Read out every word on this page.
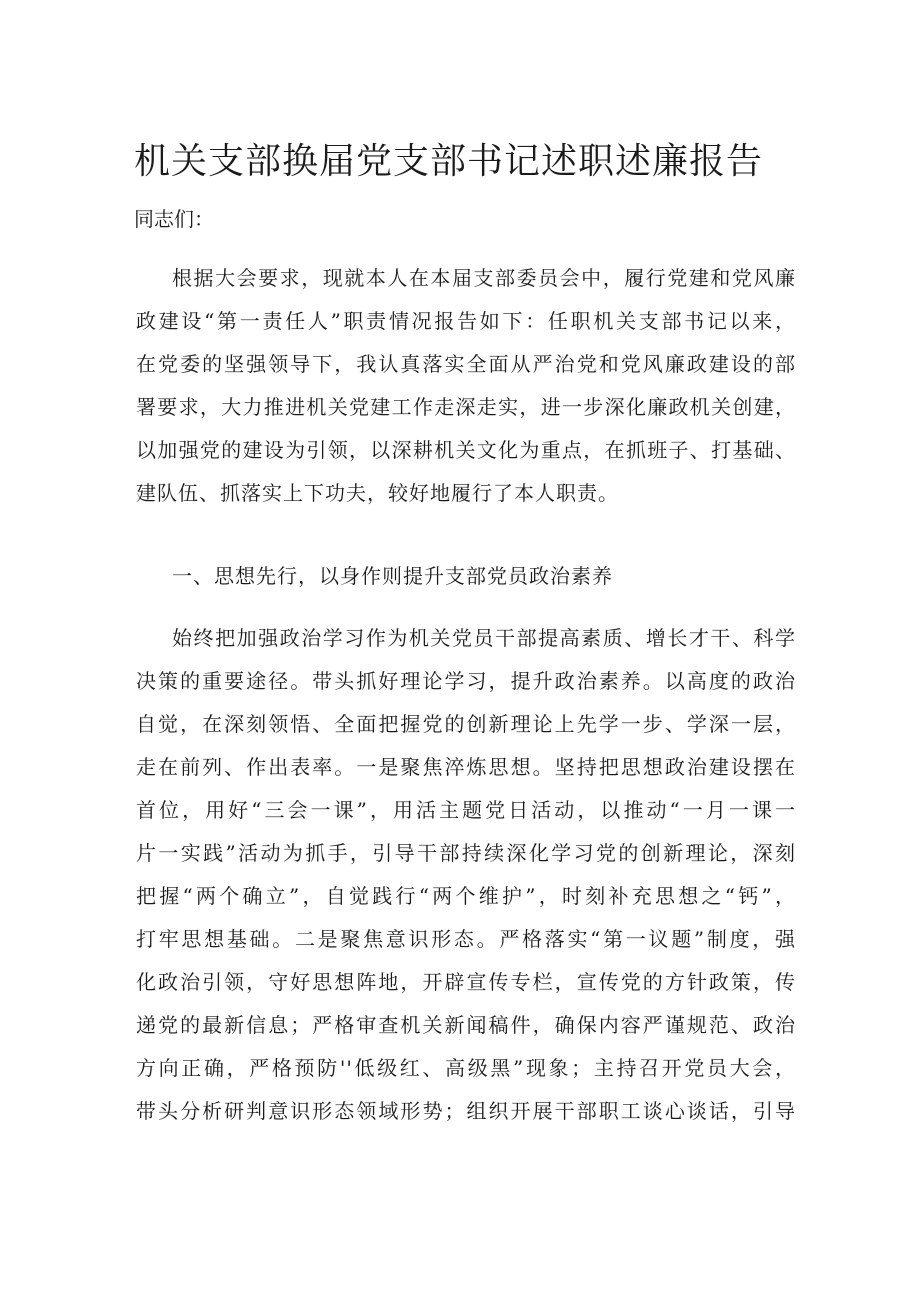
机关支部换届党支部书记述职述廉报告

同志们：

根据大会要求，现就本人在本届支部委员会中，履行党建和党风廉
政建设“第一责任人”职责情况报告如下：任职机关支部书记以来，
在党委的坚强领导下，我认真落实全面从严治党和党风廉政建设的部
署要求，大力推进机关党建工作走深走实，进一步深化廉政机关创建，
以加强党的建设为引领，以深耕机关文化为重点，在抓班子、打基础、
建队伍、抓落实上下功夫，较好地履行了本人职责。

一、思想先行，以身作则提升支部党员政治素养

始终把加强政治学习作为机关党员干部提高素质、增长才干、科学
决策的重要途径。带头抓好理论学习，提升政治素养。以高度的政治
自觉，在深刻领悟、全面把握党的创新理论上先学一步、学深一层，
走在前列、作出表率。一是聚焦淬炼思想。坚持把思想政治建设摆在
首位，用好“三会一课”，用活主题党日活动，以推动“一月一课一
片一实践”活动为抓手，引导干部持续深化学习党的创新理论，深刻
把握“两个确立”，自觉践行“两个维护”，时刻补充思想之“钙”，
打牢思想基础。二是聚焦意识形态。严格落实“第一议题”制度，强
化政治引领，守好思想阵地，开辟宣传专栏，宣传党的方针政策，传
递党的最新信息；严格审查机关新闻稿件，确保内容严谨规范、政治
方向正确，严格预防''低级红、高级黑”现象；主持召开党员大会，
带头分析研判意识形态领域形势；组织开展干部职工谈心谈话，引导
